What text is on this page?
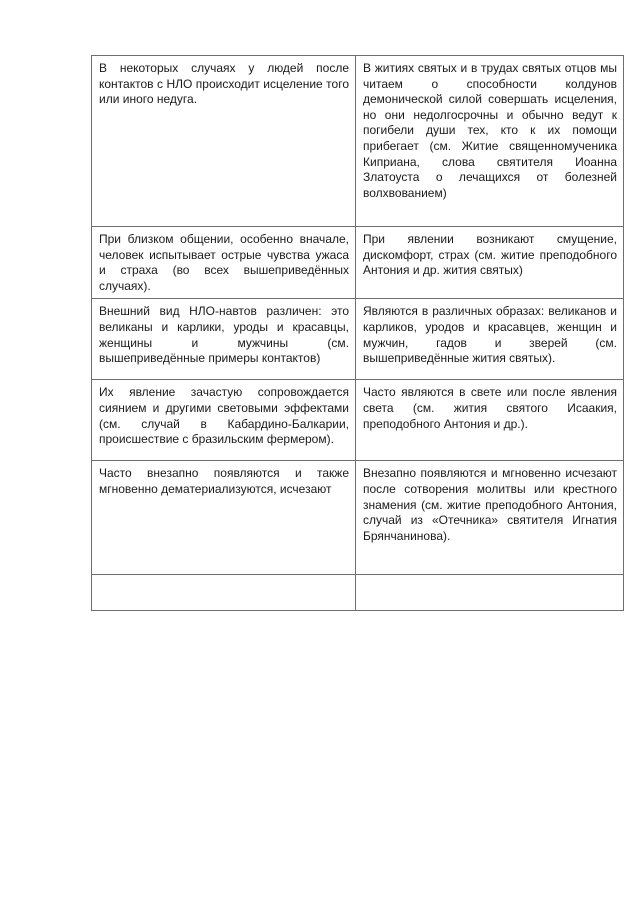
В некоторых случаях у людей после контактов с НЛО происходит исцеление того или иного недуга.	В житиях святых и в трудах святых отцов мы читаем о способности колдунов демонической силой совершать исцеления, но они недолгосрочны и обычно ведут к погибели души тех, кто к их помощи прибегает (см. Житие священномученика Киприана, слова святителя Иоанна Златоуста о лечащихся от болезней волхвованием)
При близком общении, особенно вначале, человек испытывает острые чувства ужаса и страха (во всех вышеприведённых случаях).	При явлении возникают смущение, дискомфорт, страх (см. житие преподобного Антония и др. жития святых)
Внешний вид НЛО-навтов различен: это великаны и карлики, уроды и красавцы, женщины и мужчины (см. вышеприведённые примеры контактов)	Являются в различных образах: великанов и карликов, уродов и красавцев, женщин и мужчин, гадов и зверей (см. вышеприведённые жития святых).
Их явление зачастую сопровождается сиянием и другими световыми эффектами (см. случай в Кабардино-Балкарии, происшествие с бразильским фермером).	Часто являются в свете или после явления света (см. жития святого Исаакия, преподобного Антония и др.).
Часто внезапно появляются и также мгновенно дематериализуются, исчезают	Внезапно появляются и мгновенно исчезают после сотворения молитвы или крестного знамения (см. житие преподобного Антония, случай из «Отечника» святителя Игнатия Брянчанинова).
